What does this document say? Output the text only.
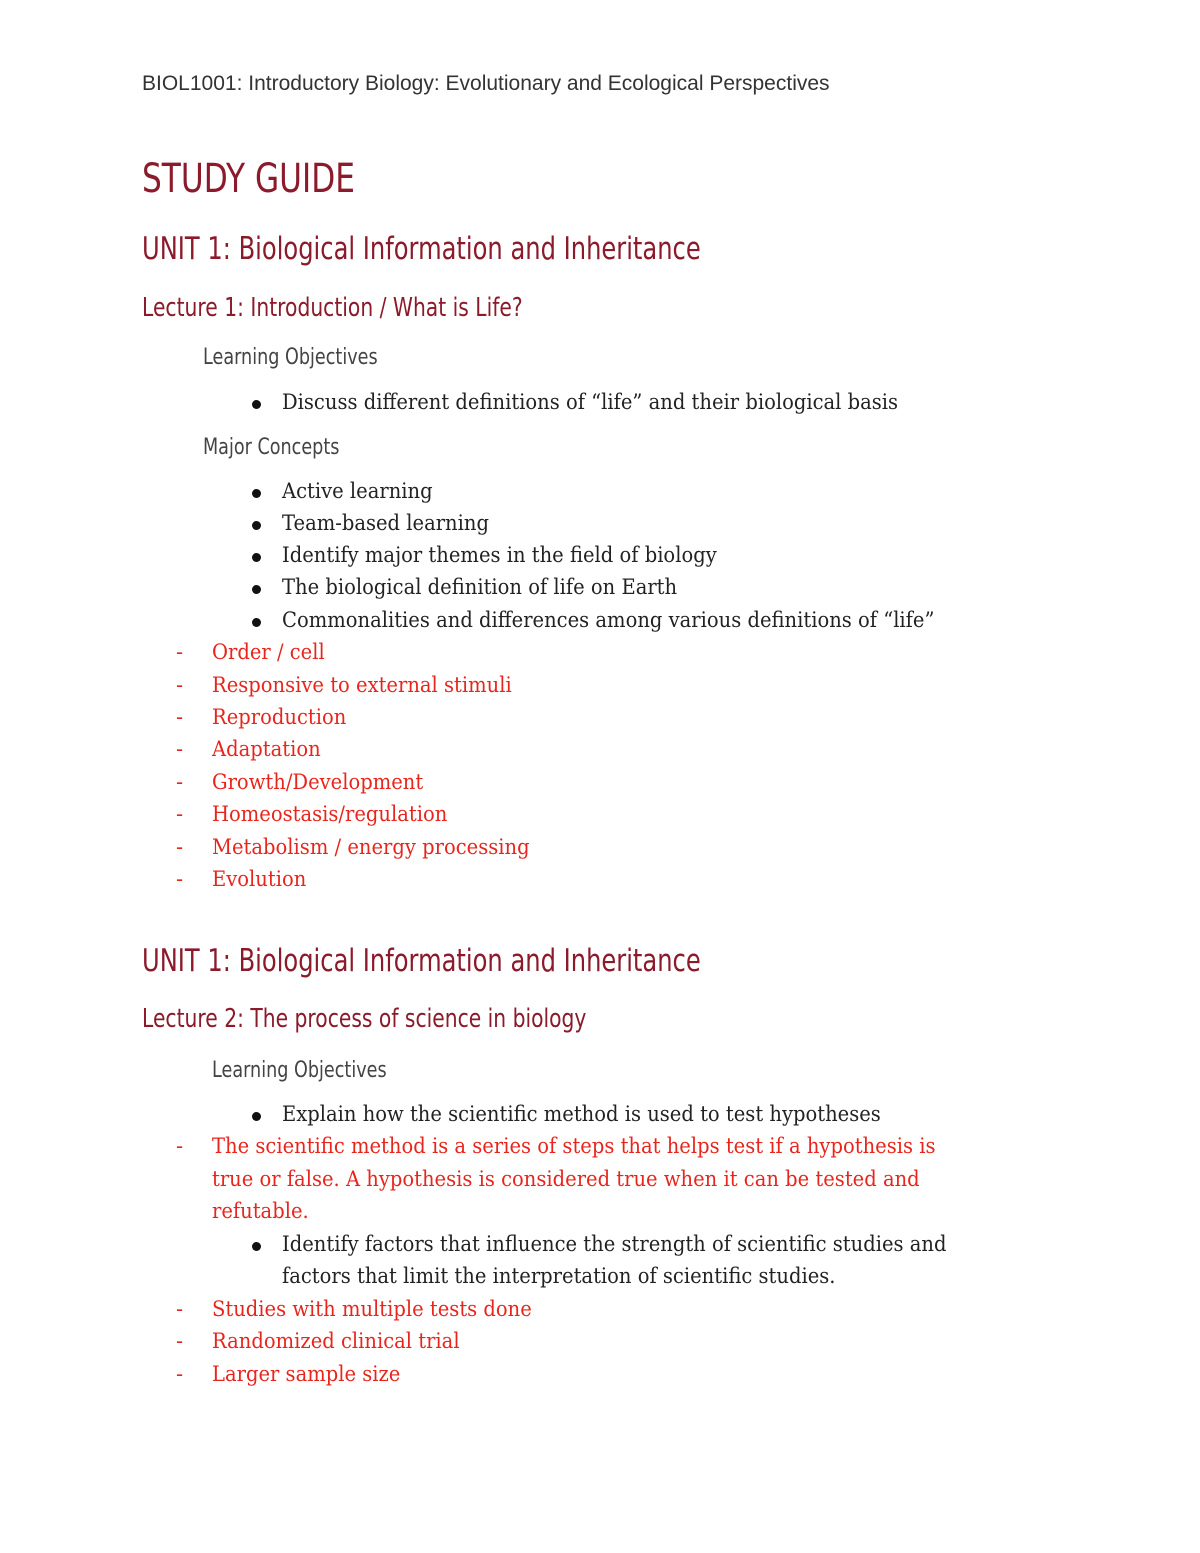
BIOL1001: Introductory Biology: Evolutionary and Ecological Perspectives
STUDY GUIDE
UNIT 1: Biological Information and Inheritance
Lecture 1: Introduction / What is Life?
Learning Objectives
Discuss different definitions of “life” and their biological basis
Major Concepts
Active learning
Team-based learning
Identify major themes in the field of biology
The biological definition of life on Earth
Commonalities and differences among various definitions of “life”
- Order / cell
- Responsive to external stimuli
- Reproduction
- Adaptation
- Growth/Development
- Homeostasis/regulation
- Metabolism / energy processing
- Evolution
UNIT 1: Biological Information and Inheritance
Lecture 2: The process of science in biology
Learning Objectives
Explain how the scientific method is used to test hypotheses
- The scientific method is a series of steps that helps test if a hypothesis is
true or false. A hypothesis is considered true when it can be tested and
refutable.
Identify factors that influence the strength of scientific studies and
factors that limit the interpretation of scientific studies.
- Studies with multiple tests done
- Randomized clinical trial
- Larger sample size
